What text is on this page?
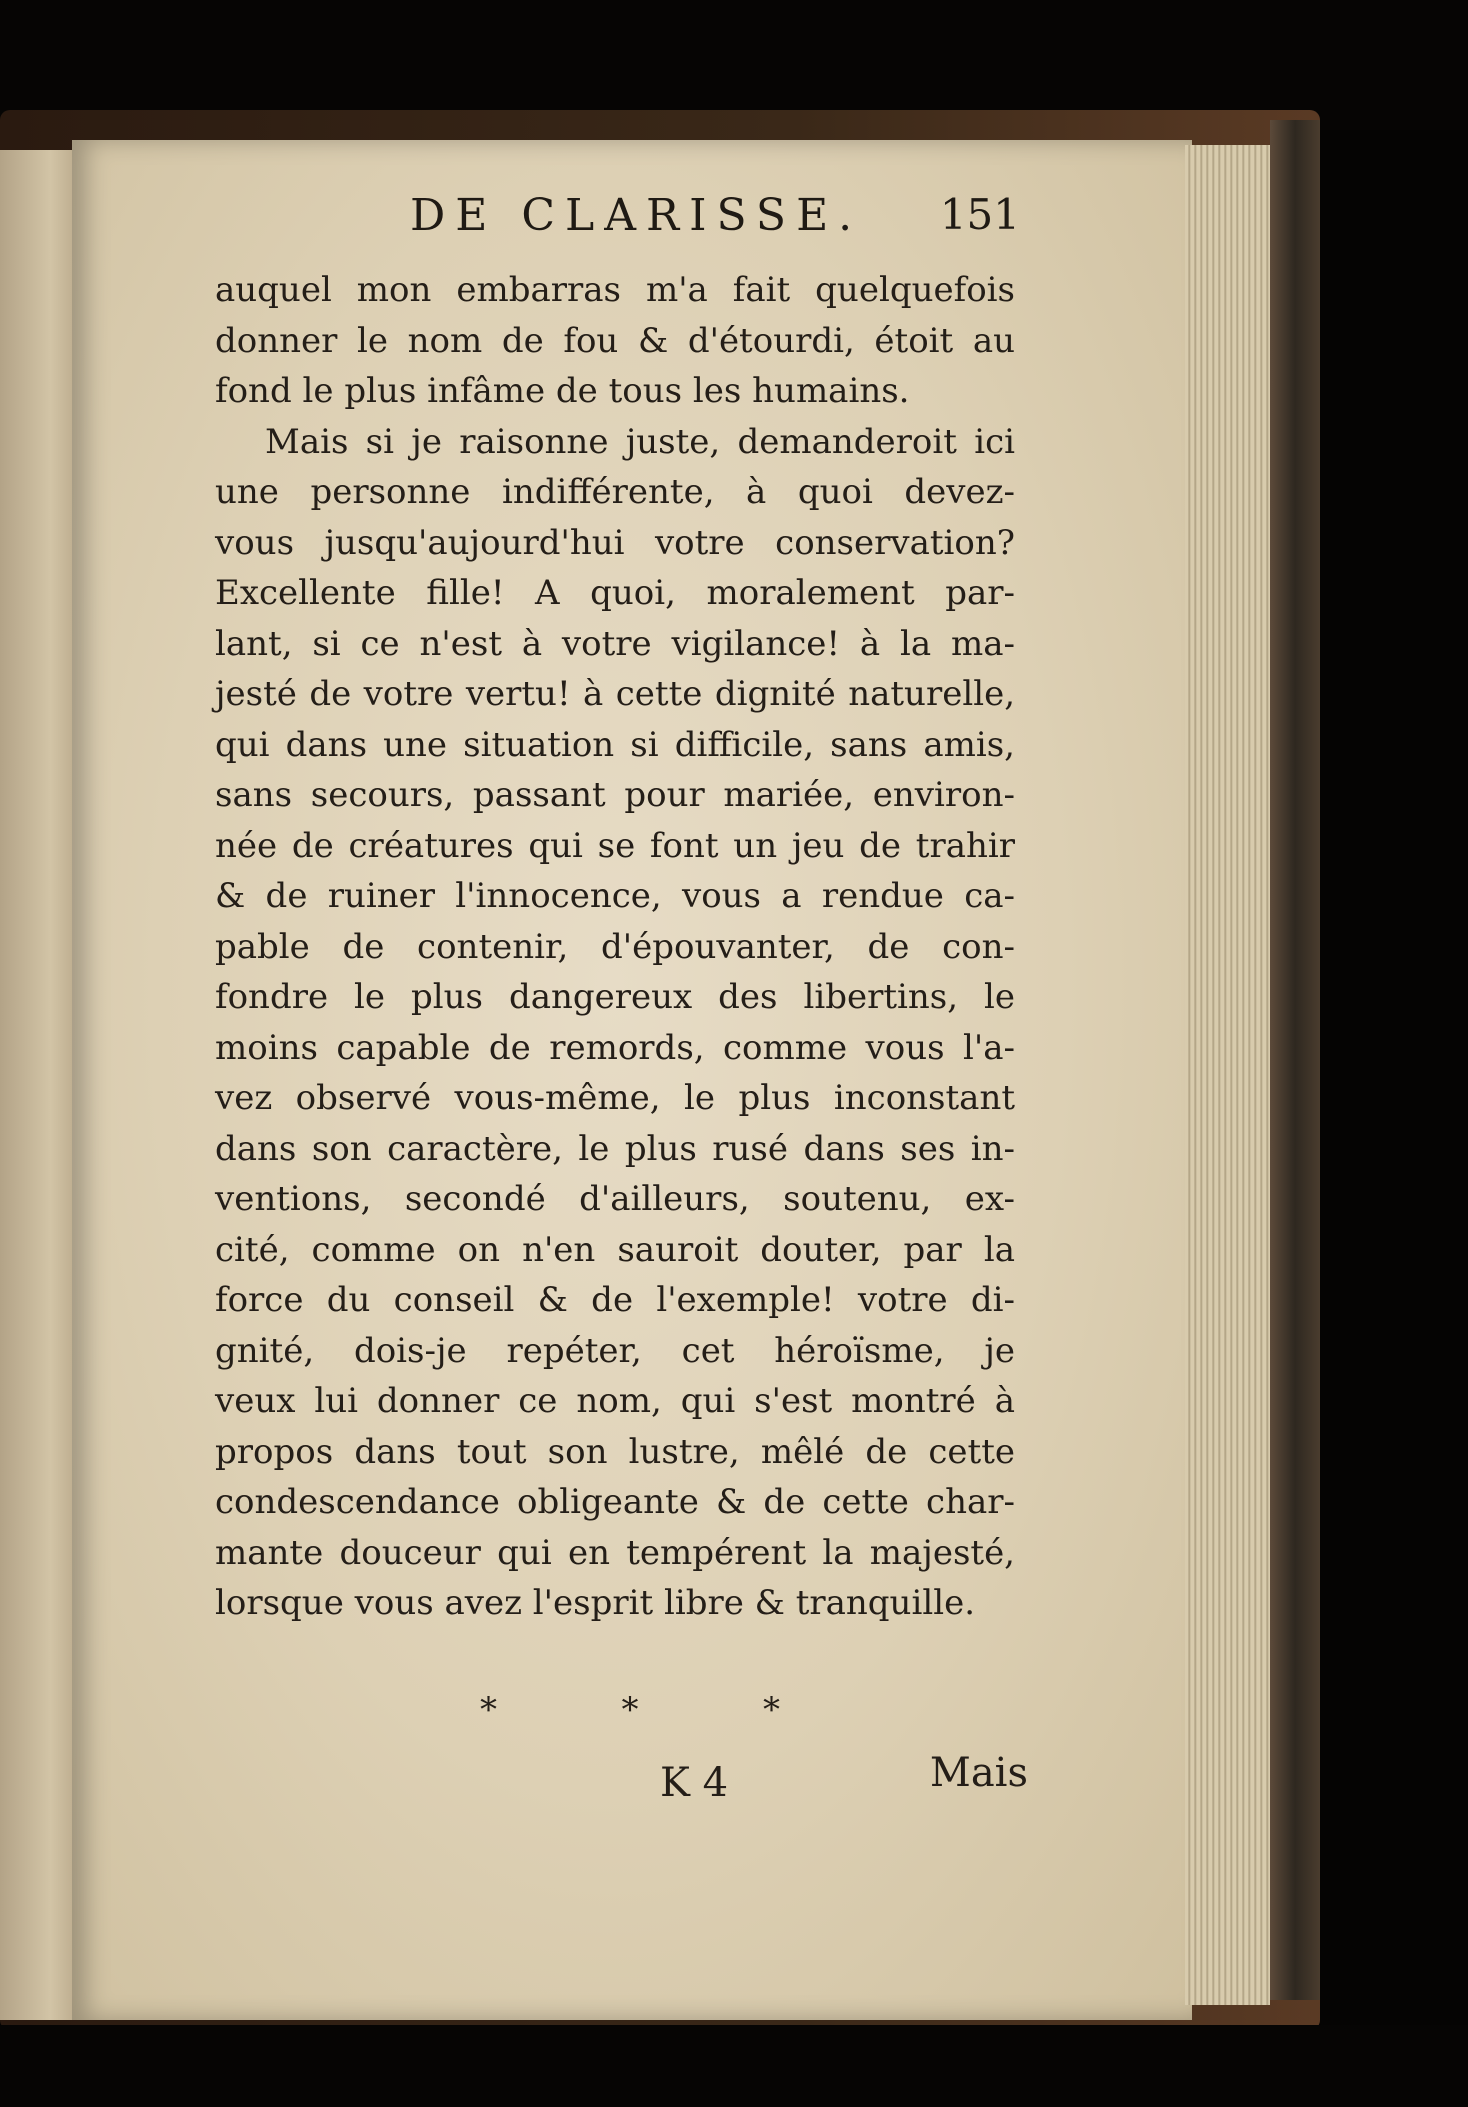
DE CLARISSE. 151
auquel mon embarras m'a fait quelquefois
donner le nom de fou & d'étourdi, étoit au
fond le plus infâme de tous les humains.
Mais si je raisonne juste, demanderoit ici
une personne indifférente, à quoi devez-
vous jusqu'aujourd'hui votre conservation?
Excellente fille! A quoi, moralement par-
lant, si ce n'est à votre vigilance! à la ma-
jesté de votre vertu! à cette dignité naturelle,
qui dans une situation si difficile, sans amis,
sans secours, passant pour mariée, environ-
née de créatures qui se font un jeu de trahir
& de ruiner l'innocence, vous a rendue ca-
pable de contenir, d'épouvanter, de con-
fondre le plus dangereux des libertins, le
moins capable de remords, comme vous l'a-
vez observé vous-même, le plus inconstant
dans son caractère, le plus rusé dans ses in-
ventions, secondé d'ailleurs, soutenu, ex-
cité, comme on n'en sauroit douter, par la
force du conseil & de l'exemple! votre di-
gnité, dois-je repéter, cet héroïsme, je
veux lui donner ce nom, qui s'est montré à
propos dans tout son lustre, mêlé de cette
condescendance obligeante & de cette char-
mante douceur qui en tempérent la majesté,
lorsque vous avez l'esprit libre & tranquille.
*	*	*
K 4	Mais
